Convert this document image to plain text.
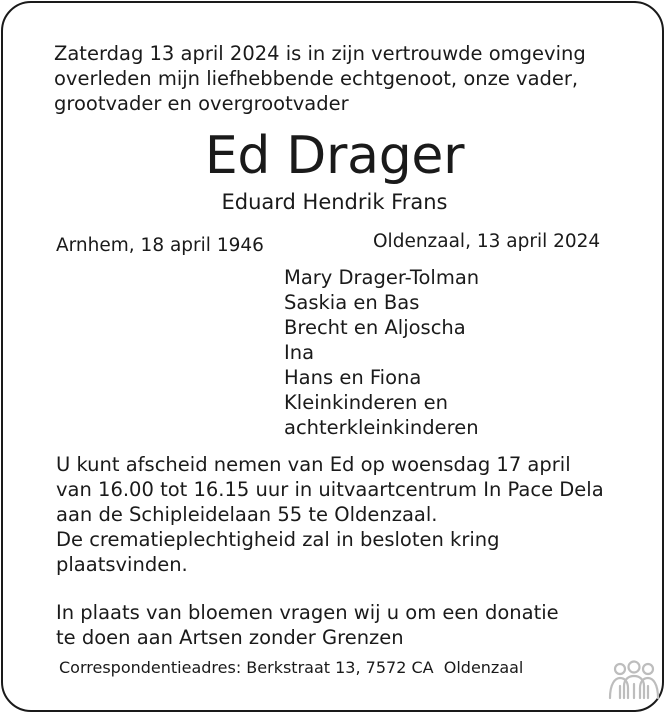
Zaterdag 13 april 2024 is in zijn vertrouwde omgeving
overleden mijn liefhebbende echtgenoot, onze vader,
grootvader en overgrootvader
Ed Drager
Eduard Hendrik Frans
Arnhem, 18 april 1946	Oldenzaal, 13 april 2024
Mary Drager-Tolman
Saskia en Bas
Brecht en Aljoscha
Ina
Hans en Fiona
Kleinkinderen en
achterkleinkinderen
U kunt afscheid nemen van Ed op woensdag 17 april
van 16.00 tot 16.15 uur in uitvaartcentrum In Pace Dela
aan de Schipleidelaan 55 te Oldenzaal.
De crematieplechtigheid zal in besloten kring
plaatsvinden.
In plaats van bloemen vragen wij u om een donatie
te doen aan Artsen zonder Grenzen
Correspondentieadres: Berkstraat 13, 7572 CA  Oldenzaal
